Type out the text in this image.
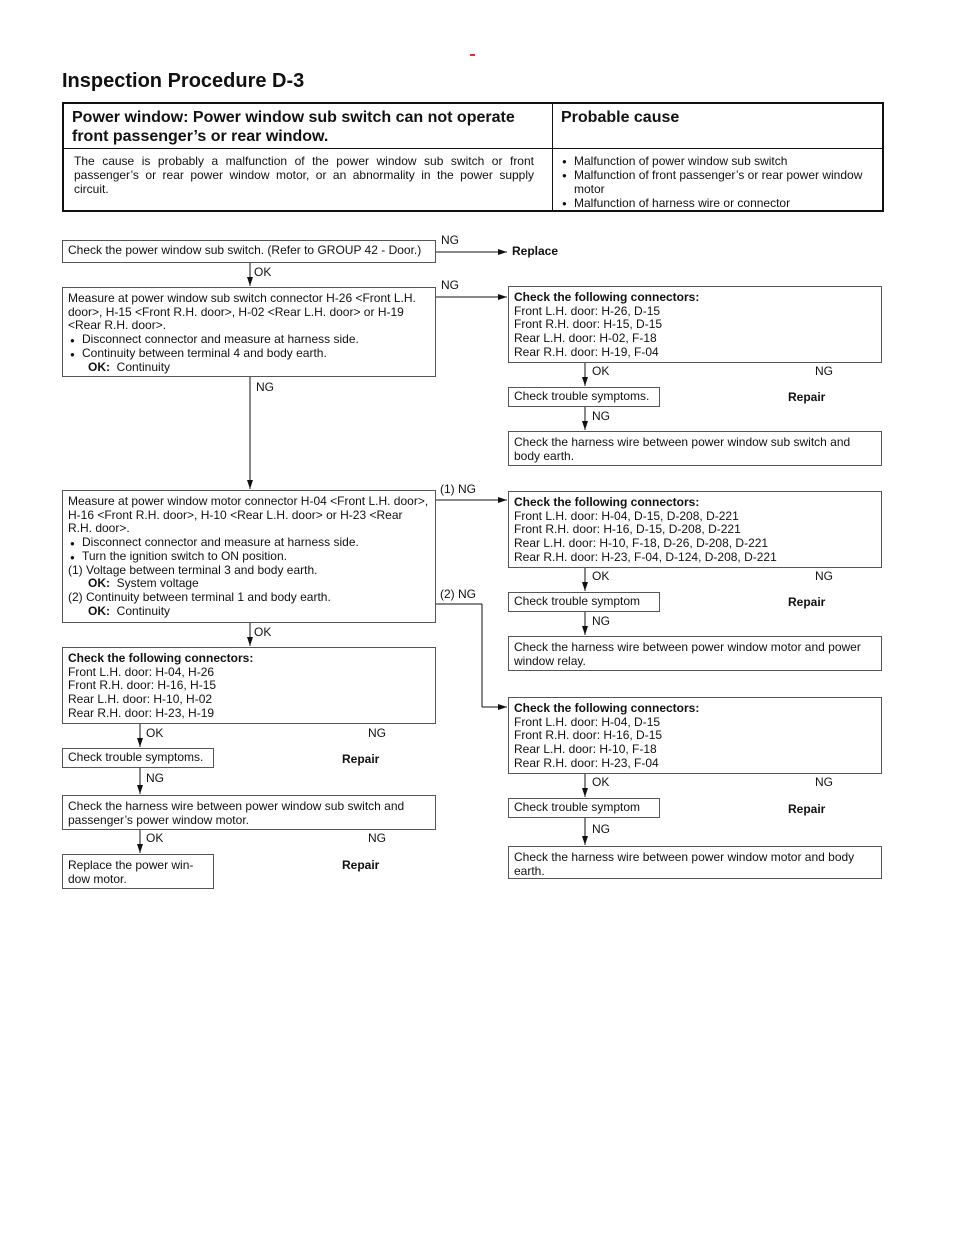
Inspection Procedure D-3
Power window: Power window sub switch can not operate front passenger’s or rear window.
Probable cause
The cause is probably a malfunction of the power window sub switch or front passenger’s or rear power window motor, or an abnormality in the power supply circuit.
● Malfunction of power window sub switch
● Malfunction of front passenger’s or rear power window motor
● Malfunction of harness wire or connector
Check the power window sub switch. (Refer to GROUP 42 - Door.)
NG
Replace
OK
Measure at power window sub switch connector H-26 <Front L.H.
door>, H-15 <Front R.H. door>, H-02 <Rear L.H. door> or H-19
<Rear R.H. door>.
● Disconnect connector and measure at harness side.
● Continuity between terminal 4 and body earth.
OK: Continuity
NG
NG
Check the following connectors:
Front L.H. door: H-26, D-15
Front R.H. door: H-15, D-15
Rear L.H. door: H-02, F-18
Rear R.H. door: H-19, F-04
OK	NG
Check trouble symptoms.	Repair
NG
Check the harness wire between power window sub switch and body earth.
Measure at power window motor connector H-04 <Front L.H. door>,
H-16 <Front R.H. door>, H-10 <Rear L.H. door> or H-23 <Rear
R.H. door>.
● Disconnect connector and measure at harness side.
● Turn the ignition switch to ON position.
(1) Voltage between terminal 3 and body earth.
OK: System voltage
(2) Continuity between terminal 1 and body earth.
OK: Continuity
(1) NG
(2) NG
OK
Check the following connectors:
Front L.H. door: H-04, D-15, D-208, D-221
Front R.H. door: H-16, D-15, D-208, D-221
Rear L.H. door: H-10, F-18, D-26, D-208, D-221
Rear R.H. door: H-23, F-04, D-124, D-208, D-221
OK	NG
Check trouble symptom	Repair
NG
Check the harness wire between power window motor and power window relay.
Check the following connectors:
Front L.H. door: H-04, D-15
Front R.H. door: H-16, D-15
Rear L.H. door: H-10, F-18
Rear R.H. door: H-23, F-04
OK	NG
Check trouble symptom	Repair
NG
Check the harness wire between power window motor and body earth.
Check the following connectors:
Front L.H. door: H-04, H-26
Front R.H. door: H-16, H-15
Rear L.H. door: H-10, H-02
Rear R.H. door: H-23, H-19
OK	NG
Check trouble symptoms.	Repair
NG
Check the harness wire between power window sub switch and passenger’s power window motor.
OK	NG
Replace the power win- dow motor.
Repair
